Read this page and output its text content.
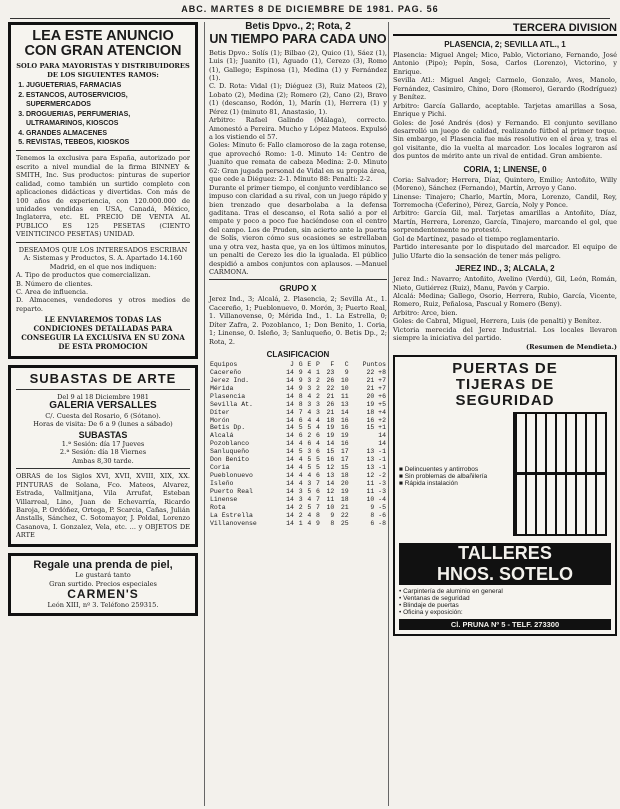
ABC. MARTES 8 DE DICIEMBRE DE 1981. PAG. 56
LEA ESTE ANUNCIO CON GRAN ATENCION

SOLO PARA MAYORISTAS Y DISTRIBUIDORES DE LOS SIGUIENTES RAMOS:

1. JUGUETERIAS, FARMACIAS
2. ESTANCOS, AUTOSERVICIOS, SUPERMERCADOS
3. DROGUERIAS, PERFUMERIAS, ULTRAMARINOS, KIOSCOS
4. GRANDES ALMACENES
5. REVISTAS, TEBEOS, KIOSKOS

Tenemos la exclusiva para España, autorizado por escrito a nivel mundial de la firma BINNEY & SMITH, Inc. Sus productos: pinturas de superior calidad, como también un surtido completo con aplicaciones didácticas y divertidas. Con más de 100 años de experiencia, con 120.000.000 de unidades vendidas en USA, Canadá, México, Inglaterra, etc. EL PRECIO DE VENTA AL PUBLICO ES 125 PESETAS (CIENTO VEINTICINCO PESETAS) UNIDAD.

DESEAMOS QUE LOS INTERESADOS ESCRIBAN A: Sistemas y Productos, S. A. Apartado 14.160 Madrid, en el que nos indiquen:

A. Tipo de productos que comercializan.

B. Número de clientes.

C. Area de influencia.

D. Almacenes, vendedores y otros medios de reparto.

LE ENVIAREMOS TODAS LAS CONDICIONES DETALLADAS PARA CONSEGUIR LA EXCLUSIVA EN SU ZONA DE ESTA PROMOCION

SUBASTAS DE ARTE

Del 9 al 18 Diciembre 1981

GALERIA VERSALLES

C/. Cuesta del Rosario, 6 (Sótano).

Horas de visita: De 6 a 9 (lunes a sábado)

SUBASTAS

1.ª Sesión: día 17 Jueves

2.ª Sesión: día 18 Viernes

Ambas 8,30 tarde.

OBRAS de los Siglos XVI, XVII, XVIII, XIX, XX. PINTURAS de Solana, Fco. Mateos, Alvarez, Estrada, Vallmitjana, Vila Arrufat, Esteban Villarreal, Lino, Juan de Echevarría, Ricardo Baroja, P. Ordóñez, Ortega, P. Scarcia, Cañas, Julián Anstalls, Sánchez, C. Sotomayor, J. Poldal, Lorenzo Casanova, I. Gonzalez, Vela, etc. ... y OBJETOS DE ARTE

Regale una prenda de piel,

Le gustará tanto

Gran surtido. Precios especiales

CARMEN'S

León XIII, nº 3. Teléfono 259315.

Betis Dpvo., 2; Rota, 2
UN TIEMPO PARA CADA UNO

Betis Dpvo.: Solís (1); Bilbao (2), Quico (1), Sáez (1), Luis (1); Juanito (1), Aguado (1), Cerezo (3), Romo (1), Gallego; Espinosa (1), Medina (1) y Fernández (1).

C. D. Rota: Vidal (1); Diéguez (3), Ruiz Mateos (2), Lobato (2), Medina (2); Romero (2), Cano (2), Bravo (1) (descanso, Rodón, 1), Marín (1), Herrera (1) y Pérez (1) (minuto 81, Anastasio, 1).

Arbitro: Rafael Galindo (Málaga), correcto. Amonestó a Pereira. Mucho y López Mateos. Expulsó a los vistiendo el 57.

Goles: Minuto 6: Fallo clamoroso de la zaga rotense, que aprovechó Romo: 1-0. Minuto 14: Centro de Juanito que remata de cabeza Medina: 2-0. Minuto 62: Gran jugada personal de Vidal en su propia área, que cede a Diéguez: 2-1. Minuto 88: Penalti: 2-2.

Durante el primer tiempo, el conjunto verdiblanco se impuso con claridad a su rival, con un juego rápido y bien trenzado que desarbolaba a la defensa gaditana. Tras el descanso, el Rota salió a por el empate y poco a poco fue haciéndose con el centro del campo. Los de Pruden, sin acierto ante la puerta de Solís, vieron cómo sus ocasiones se estrellaban una y otra vez, hasta que, ya en los últimos minutos, un penalti de Cerezo les dio la igualada. El público despidió a ambos conjuntos con aplausos. —Manuel CARMONA.

GRUPO X

Jerez Ind., 3; Alcalá, 2. Plasencia, 2; Sevilla At., 1. Cacereño, 1; Pueblonuevo, 0. Morón, 3; Puerto Real, 1. Villanovense, 0; Mérida Ind., 1. La Estrella, 0; Díter Zafra, 2. Pozoblanco, 1; Don Benito, 1. Coria, 1; Linense, 0. Isleño, 3; Sanluqueño, 0. Betis Dp., 2; Rota, 2.

CLASIFICACION
Equipos	J	G	E	P	F	C	Puntos
Cacereño	14	9	4	1	23	9	22 +8
Jerez Ind.	14	9	3	2	26	10	21 +7
Mérida	14	9	3	2	22	10	21 +7
Plasencia	14	8	4	2	21	11	20 +6
Sevilla At.	14	8	3	3	26	13	19 +5
Díter	14	7	4	3	21	14	18 +4
Morón	14	6	4	4	18	16	16 +2
Betis Dp.	14	5	5	4	19	16	15 +1
Alcalá	14	6	2	6	19	19	14
Pozoblanco	14	4	6	4	14	16	14
Sanluqueño	14	5	3	6	15	17	13 -1
Don Benito	14	4	5	5	16	17	13 -1
Coria	14	4	5	5	12	15	13 -1
Pueblonuevo	14	4	4	6	13	18	12 -2
Isleño	14	4	3	7	14	20	11 -3
Puerto Real	14	3	5	6	12	19	11 -3
Linense	14	3	4	7	11	18	10 -4
Rota	14	2	5	7	10	21	9 -5
La Estrella	14	2	4	8	9	22	8 -6
Villanovense	14	1	4	9	8	25	6 -8
TERCERA DIVISION
PLASENCIA, 2; SEVILLA ATL., 1

Plasencia: Miguel Angel; Mico, Pablo, Victoriano, Fernando, José Antonio (Pipo); Pepín, Sosa, Carlos (Lorenzo), Victorino, y Enrique.

Sevilla Atl.: Miguel Angel; Carmelo, Gonzalo, Aves, Manolo, Fernández, Casimiro, Chino, Doro (Romero), Gerardo (Rodríguez) y Benítez.

Arbitro: García Gallardo, aceptable. Tarjetas amarillas a Sosa, Enrique y Pichi.

Goles: de José Andrés (dos) y Fernando. El conjunto sevillano desarrolló un juego de calidad, realizando fútbol al primer toque. Sin embargo, el Plasencia fue más resolutivo en el área y, tras el gol visitante, dio la vuelta al marcador. Los locales lograron así dos puntos de mérito ante un rival de entidad. Gran ambiente.

CORIA, 1; LINENSE, 0

Coria: Salvador; Herrera, Díaz, Quintero, Emilio; Antoñito, Willy (Moreno), Sánchez (Fernando), Martín, Arroyo y Cano.

Linense: Tinajero; Charlo, Martín, Mora, Lorenzo, Candil, Rey, Torremocha (Ceferino), Pérez, García, Noly y Ponce.

Arbitro: García Gil, mal. Tarjetas amarillas a Antoñito, Díaz, Martín, Herrera, Lorenzo, García, Tinajero, marcando el gol, que sorprendentemente no protestó.

Gol de Martínez, pasado el tiempo reglamentario.

Partido interesante por lo disputado del marcador. El equipo de Julio Ufarte dio la sensación de tener más peligro.

JEREZ IND., 3; ALCALA, 2

Jerez Ind.: Navarro; Antoñito, Avelino (Verdú), Gil, León, Román, Nieto, Gutiérrez (Ruiz), Manu, Pavón y Carpio.

Alcalá: Medina; Gallego, Osorio, Herrera, Rubio, García, Vicente, Romero, Ruiz, Peñalosa, Pascual y Romero (Beny).

Arbitro: Arce, bien.

Goles: de Cabral, Miguel, Herrera, Luis (de penalti) y Benítez.

Victoria merecida del Jerez Industrial. Los locales llevaron siempre la iniciativa del partido.

(Resumen de Mendieta.)

PUERTAS DE
TIJERAS DE
SEGURIDAD
■ Delincuentes y antirrobos
■ Sin problemas de albañilería
■ Rápida instalación
TALLERES
HNOS. SOTELO
• Carpintería de aluminio en general
• Ventanas de seguridad
• Blindaje de puertas
• Oficina y exposición:
Cl. PRUNA Nº 5 - TELF. 273300
